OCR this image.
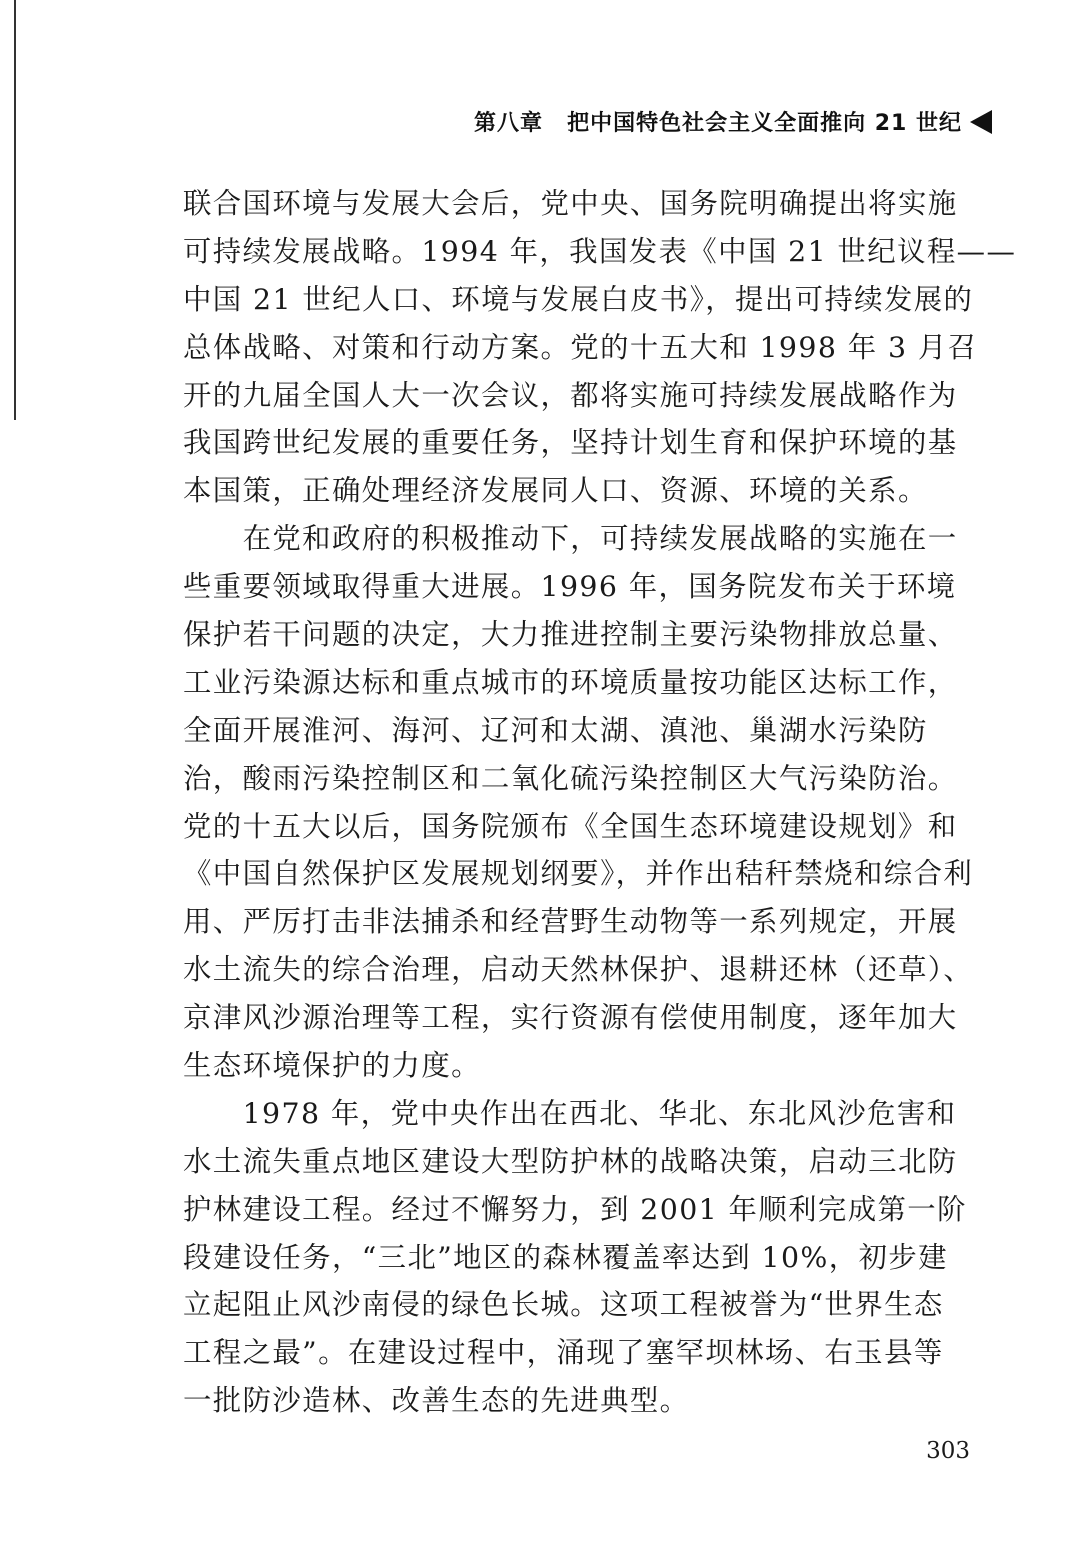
第八章 把中国特色社会主义全面推向 21 世纪
联合国环境与发展大会后，党中央、国务院明确提出将实施
可持续发展战略。1994 年，我国发表《中国 21 世纪议程——
中国 21 世纪人口、环境与发展白皮书》，提出可持续发展的
总体战略、对策和行动方案。党的十五大和 1998 年 3 月召
开的九届全国人大一次会议，都将实施可持续发展战略作为
我国跨世纪发展的重要任务，坚持计划生育和保护环境的基
本国策，正确处理经济发展同人口、资源、环境的关系。
　　在党和政府的积极推动下，可持续发展战略的实施在一
些重要领域取得重大进展。1996 年，国务院发布关于环境
保护若干问题的决定，大力推进控制主要污染物排放总量、
工业污染源达标和重点城市的环境质量按功能区达标工作，
全面开展淮河、海河、辽河和太湖、滇池、巢湖水污染防
治，酸雨污染控制区和二氧化硫污染控制区大气污染防治。
党的十五大以后，国务院颁布《全国生态环境建设规划》和
《中国自然保护区发展规划纲要》，并作出秸秆禁烧和综合利
用、严厉打击非法捕杀和经营野生动物等一系列规定，开展
水土流失的综合治理，启动天然林保护、退耕还林（还草）、
京津风沙源治理等工程，实行资源有偿使用制度，逐年加大
生态环境保护的力度。
　　1978 年，党中央作出在西北、华北、东北风沙危害和
水土流失重点地区建设大型防护林的战略决策，启动三北防
护林建设工程。经过不懈努力，到 2001 年顺利完成第一阶
段建设任务，“三北”地区的森林覆盖率达到 10%，初步建
立起阻止风沙南侵的绿色长城。这项工程被誉为“世界生态
工程之最”。在建设过程中，涌现了塞罕坝林场、右玉县等
一批防沙造林、改善生态的先进典型。
303
